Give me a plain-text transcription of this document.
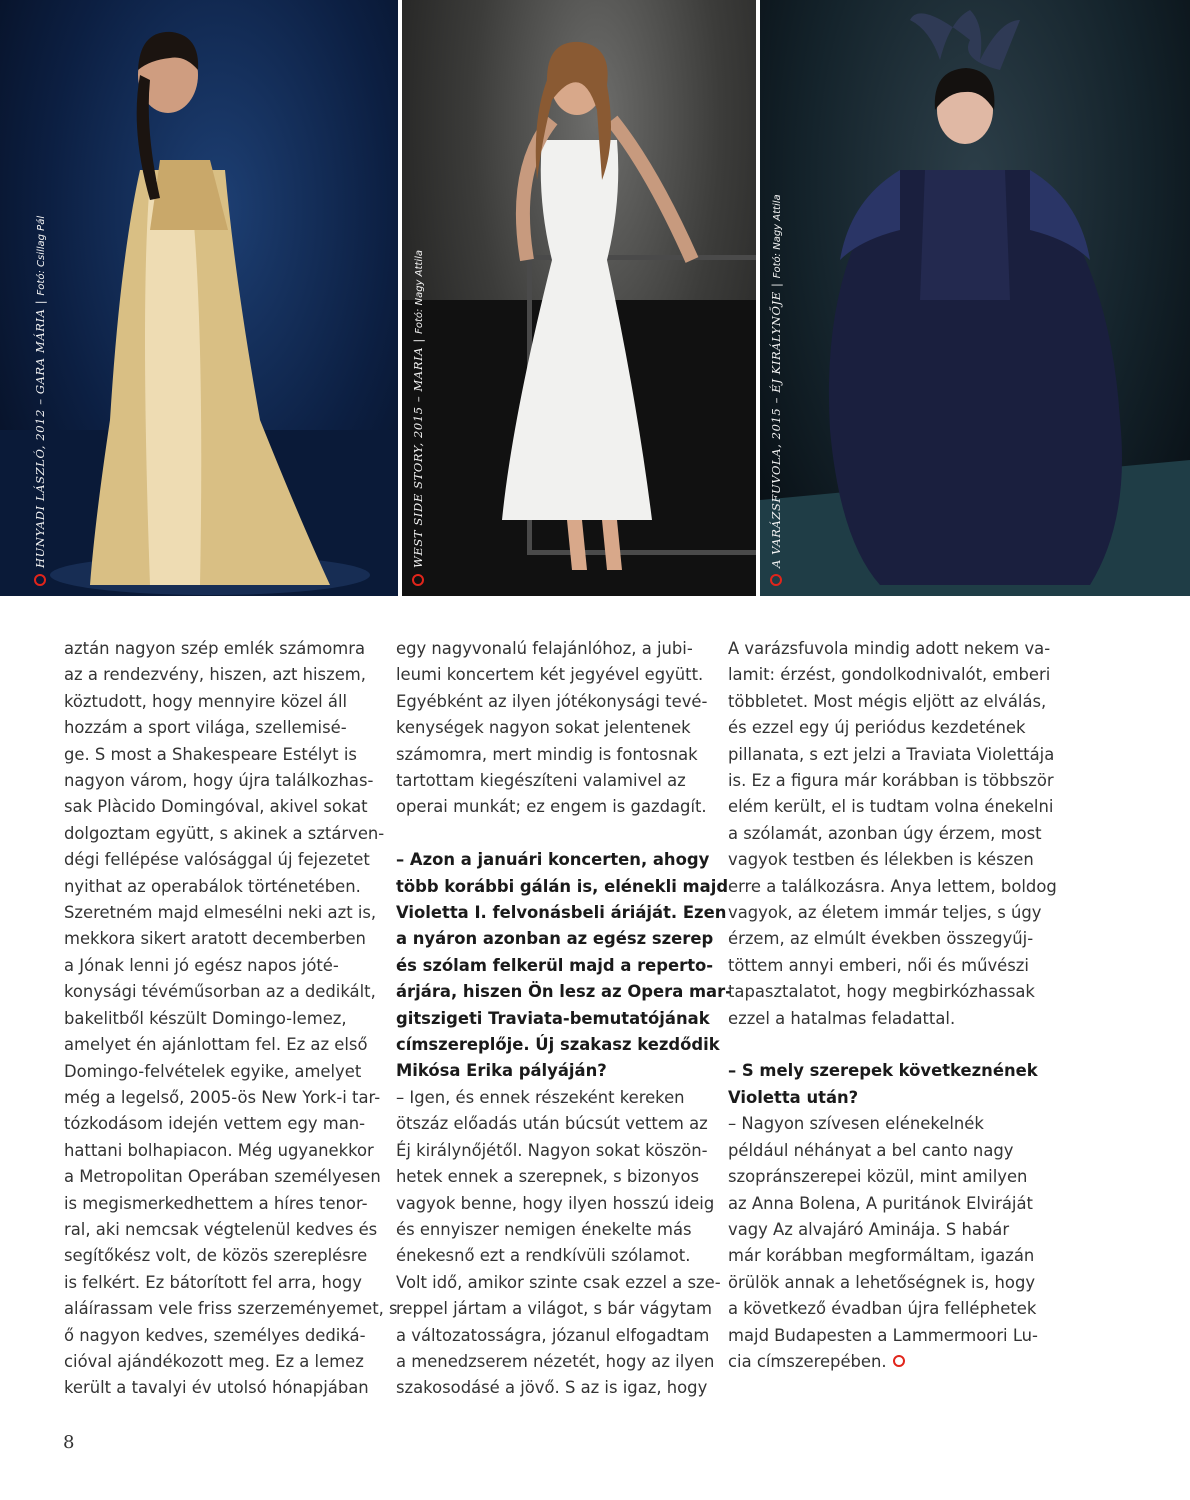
HUNYADI LÁSZLÓ, 2012 – GARA MÁRIA | Fotó: Csillag Pál
WEST SIDE STORY, 2015 – MARIA | Fotó: Nagy Attila	A VARÁZSFUVOLA, 2015 – ÉJ KIRÁLYNŐJE | Fotó: Nagy Attila

aztán nagyon szép emlék számomra
az a rendezvény, hiszen, azt hiszem,
köztudott, hogy mennyire közel áll
hozzám a sport világa, szellemisé-
ge. S most a Shakespeare Estélyt is
nagyon várom, hogy újra találkozhas-
sak Plàcido Domingóval, akivel sokat
dolgoztam együtt, s akinek a sztárven-
dégi fellépése valósággal új fejezetet
nyithat az operabálok történetében.
Szeretném majd elmesélni neki azt is,
mekkora sikert aratott decemberben
a Jónak lenni jó egész napos jóté-
konysági tévéműsorban az a dedikált,
bakelitből készült Domingo-lemez,
amelyet én ajánlottam fel. Ez az első
Domingo-felvételek egyike, amelyet
még a legelső, 2005-ös New York-i tar-
tózkodásom idején vettem egy man-
hattani bolhapiacon. Még ugyanekkor
a Metropolitan Operában személyesen
is megismerkedhettem a híres tenor-
ral, aki nemcsak végtelenül kedves és
segítőkész volt, de közös szereplésre
is felkért. Ez bátorított fel arra, hogy
aláírassam vele friss szerzeményemet, s
ő nagyon kedves, személyes dediká-
cióval ajándékozott meg. Ez a lemez
került a tavalyi év utolsó hónapjában

egy nagyvonalú felajánlóhoz, a jubi-
leumi koncertem két jegyével együtt.
Egyébként az ilyen jótékonysági tevé-
kenységek nagyon sokat jelentenek
számomra, mert mindig is fontosnak
tartottam kiegészíteni valamivel az
operai munkát; ez engem is gazdagít.

– Azon a januári koncerten, ahogy
több korábbi gálán is, elénekli majd
Violetta I. felvonásbeli áriáját. Ezen
a nyáron azonban az egész szerep
és szólam felkerül majd a reperto-
árjára, hiszen Ön lesz az Opera mar-
gitszigeti Traviata-bemutatójának
címszereplője. Új szakasz kezdődik
Mikósa Erika pályáján?

– Igen, és ennek részeként kereken
ötszáz előadás után búcsút vettem az
Éj királynőjétől. Nagyon sokat köszön-
hetek ennek a szerepnek, s bizonyos
vagyok benne, hogy ilyen hosszú ideig
és ennyiszer nemigen énekelte más
énekesnő ezt a rendkívüli szólamot.
Volt idő, amikor szinte csak ezzel a sze-
reppel jártam a világot, s bár vágytam
a változatosságra, józanul elfogadtam
a menedzserem nézetét, hogy az ilyen
szakosodásé a jövő. S az is igaz, hogy

A varázsfuvola mindig adott nekem va-
lamit: érzést, gondolkodnivalót, emberi
többletet. Most mégis eljött az elválás,
és ezzel egy új periódus kezdetének
pillanata, s ezt jelzi a Traviata Violettája
is. Ez a figura már korábban is többször
elém került, el is tudtam volna énekelni
a szólamát, azonban úgy érzem, most
vagyok testben és lélekben is készen
erre a találkozásra. Anya lettem, boldog
vagyok, az életem immár teljes, s úgy
érzem, az elmúlt években összegyűj-
töttem annyi emberi, női és művészi
tapasztalatot, hogy megbirkózhassak
ezzel a hatalmas feladattal.

– S mely szerepek következnének
Violetta után?

– Nagyon szívesen elénekelnék
például néhányat a bel canto nagy
szopránszerepei közül, mint amilyen
az Anna Bolena, A puritánok Elviráját
vagy Az alvajáró Aminája. S habár
már korábban megformáltam, igazán
örülök annak a lehetőségnek is, hogy
a következő évadban újra felléphetek
majd Budapesten a Lammermoori Lu-
cia címszerepében.

8
